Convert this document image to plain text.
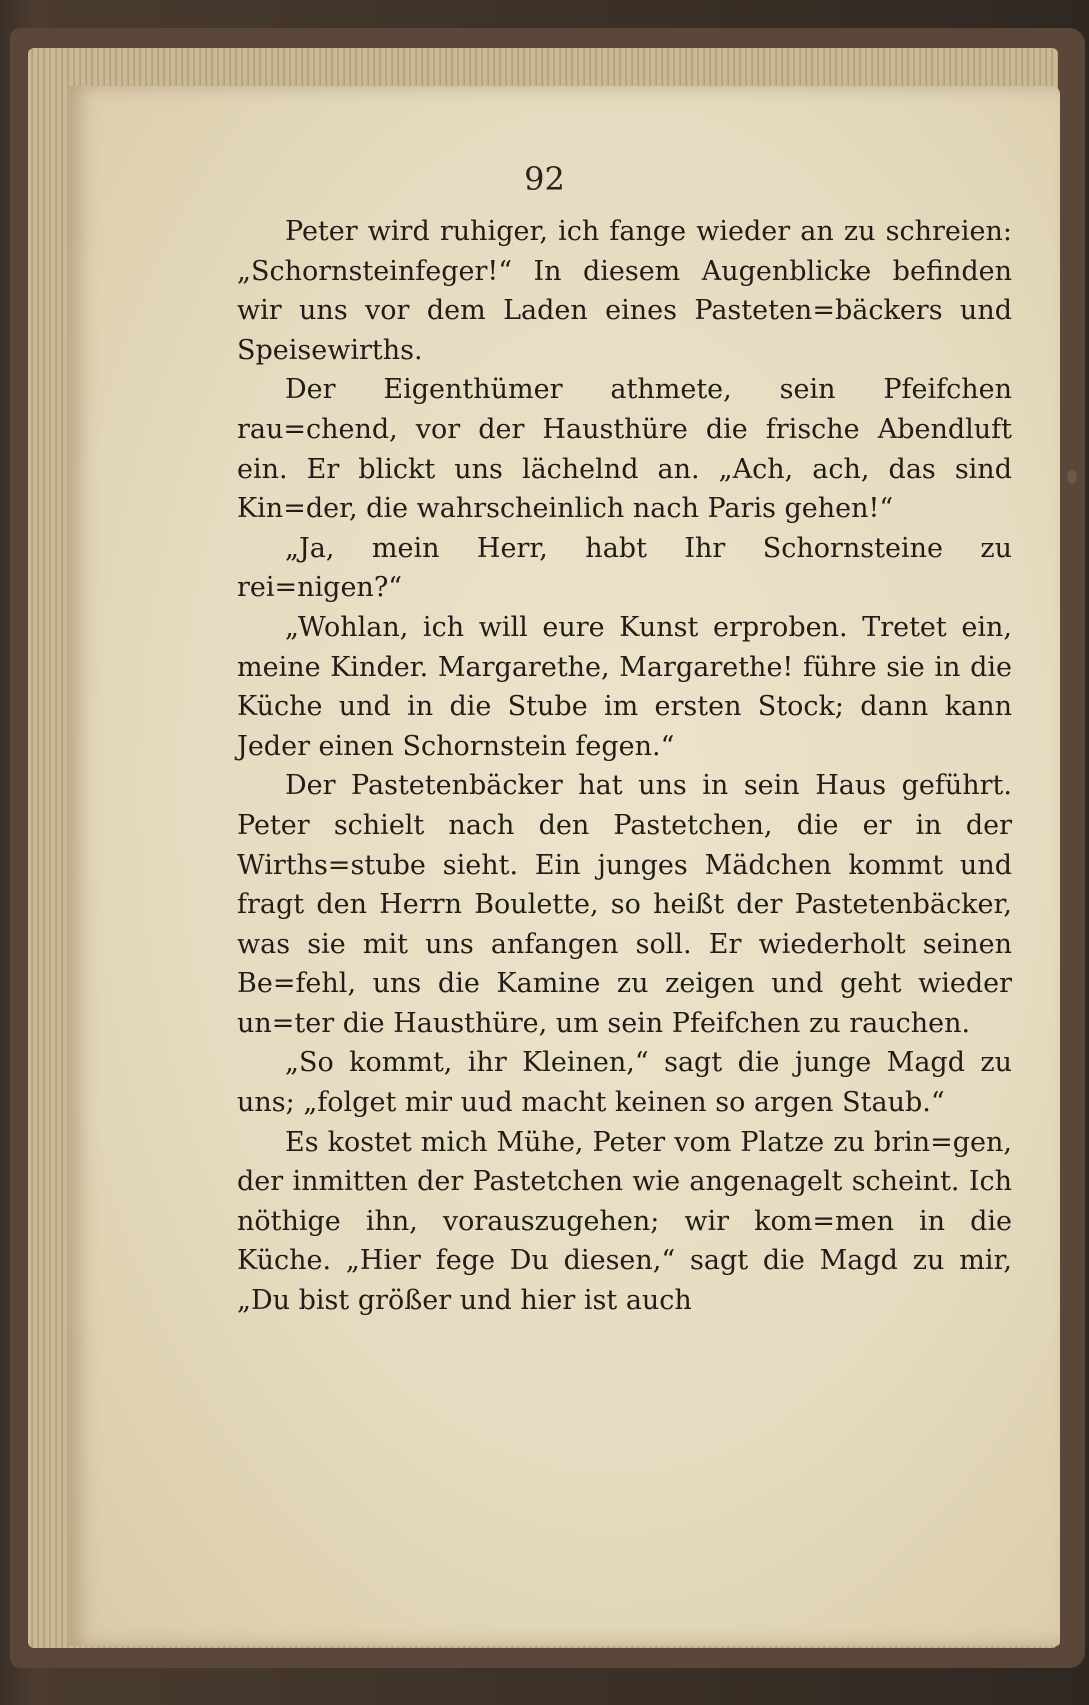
92

Peter wird ruhiger, ich fange wieder an zu schreien: „Schornsteinfeger!“ In diesem Augenblicke befinden wir uns vor dem Laden eines Pasteten=bäckers und Speisewirths.

Der Eigenthümer athmete, sein Pfeifchen rau=chend, vor der Hausthüre die frische Abendluft ein. Er blickt uns lächelnd an. „Ach, ach, das sind Kin=der, die wahrscheinlich nach Paris gehen!“

„Ja, mein Herr, habt Ihr Schornsteine zu rei=nigen?“

„Wohlan, ich will eure Kunst erproben. Tretet ein, meine Kinder. Margarethe, Margarethe! führe sie in die Küche und in die Stube im ersten Stock; dann kann Jeder einen Schornstein fegen.“

Der Pastetenbäcker hat uns in sein Haus geführt. Peter schielt nach den Pastetchen, die er in der Wirths=stube sieht. Ein junges Mädchen kommt und fragt den Herrn Boulette, so heißt der Pastetenbäcker, was sie mit uns anfangen soll. Er wiederholt seinen Be=fehl, uns die Kamine zu zeigen und geht wieder un=ter die Hausthüre, um sein Pfeifchen zu rauchen.

„So kommt, ihr Kleinen,“ sagt die junge Magd zu uns; „folget mir uud macht keinen so argen Staub.“

Es kostet mich Mühe, Peter vom Platze zu brin=gen, der inmitten der Pastetchen wie angenagelt scheint. Ich nöthige ihn, vorauszugehen; wir kom=men in die Küche. „Hier fege Du diesen,“ sagt die Magd zu mir, „Du bist größer und hier ist auch
